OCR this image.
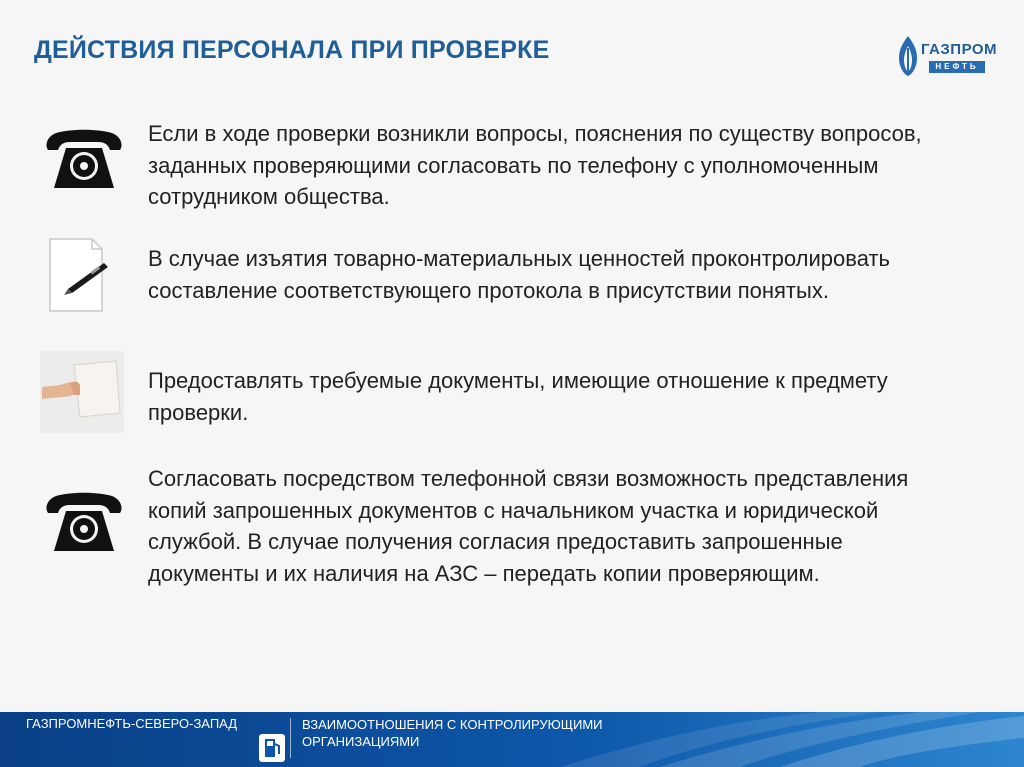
ДЕЙСТВИЯ ПЕРСОНАЛА ПРИ ПРОВЕРКЕ	ГАЗПРОМ
НЕФТЬ
Если в ходе проверки возникли вопросы, пояснения по существу вопросов, заданных проверяющими согласовать по телефону с уполномоченным сотрудником общества.
В случае изъятия товарно-материальных ценностей проконтролировать составление соответствующего протокола в присутствии понятых.
Предоставлять требуемые документы, имеющие отношение к предмету проверки.
Согласовать посредством телефонной связи возможность представления копий запрошенных документов с начальником участка и юридической службой. В случае получения согласия предоставить запрошенные документы и их наличия на АЗС – передать копии проверяющим.
ГАЗПРОМНЕФТЬ-СЕВЕРО-ЗАПАД	ВЗАИМООТНОШЕНИЯ С КОНТРОЛИРУЮЩИМИ ОРГАНИЗАЦИЯМИ
